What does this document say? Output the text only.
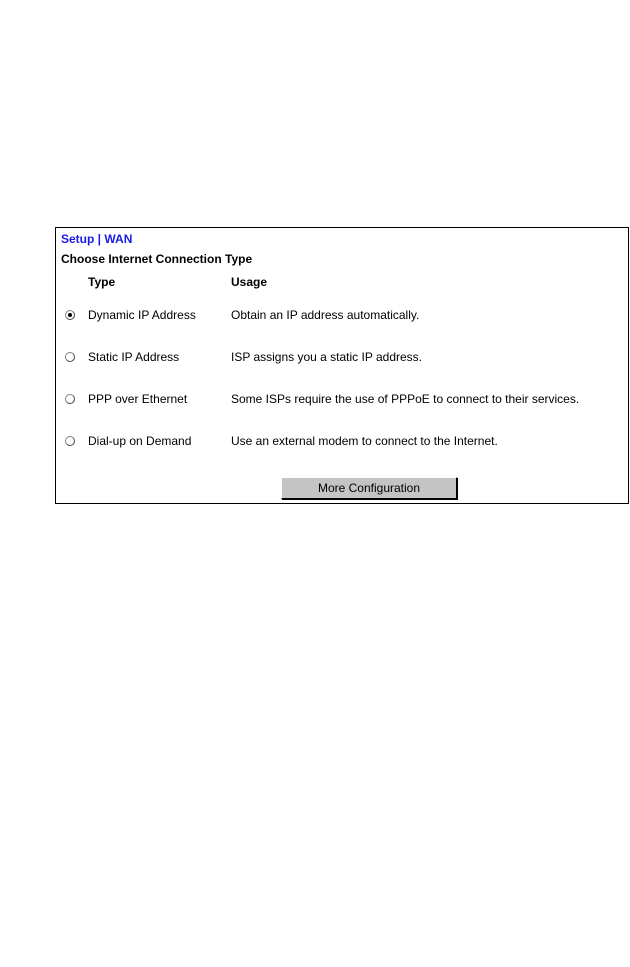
Setup | WAN
Choose Internet Connection Type
Type	Usage
Dynamic IP Address	Obtain an IP address automatically.
Static IP Address	ISP assigns you a static IP address.
PPP over Ethernet	Some ISPs require the use of PPPoE to connect to their services.
Dial-up on Demand	Use an external modem to connect to the Internet.
More Configuration
